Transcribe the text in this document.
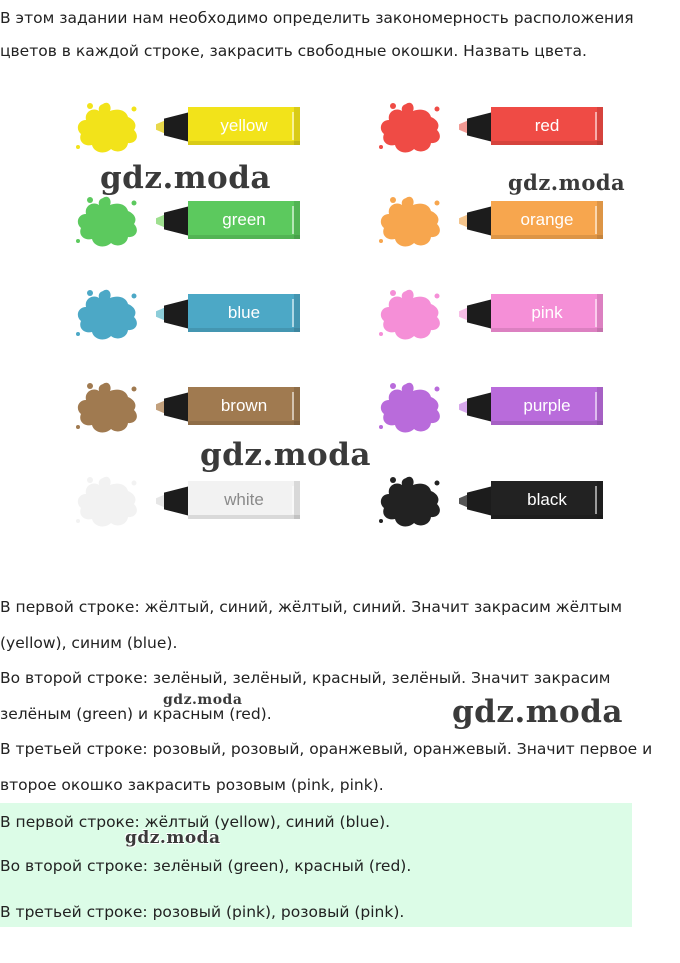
В этом задании нам необходимо определить закономерность расположения цветов в каждой строке, закрасить свободные окошки. Назвать цвета.

yellow	red
green	orange
blue	pink
brown	purple
white	black

В первой строке: жёлтый, синий, жёлтый, синий. Значит закрасим жёлтым (yellow), синим (blue).

Во второй строке: зелёный, зелёный, красный, зелёный. Значит закрасим зелёным (green) и красным (red).

В третьей строке: розовый, розовый, оранжевый, оранжевый. Значит первое и второе окошко закрасить розовым (pink, pink).

В первой строке: жёлтый (yellow), синий (blue).

Во второй строке: зелёный (green), красный (red).

В третьей строке: розовый (pink), розовый (pink).

gdz.moda	gdz.moda
gdz.moda
gdz.moda
gdz.moda
gdz.moda
